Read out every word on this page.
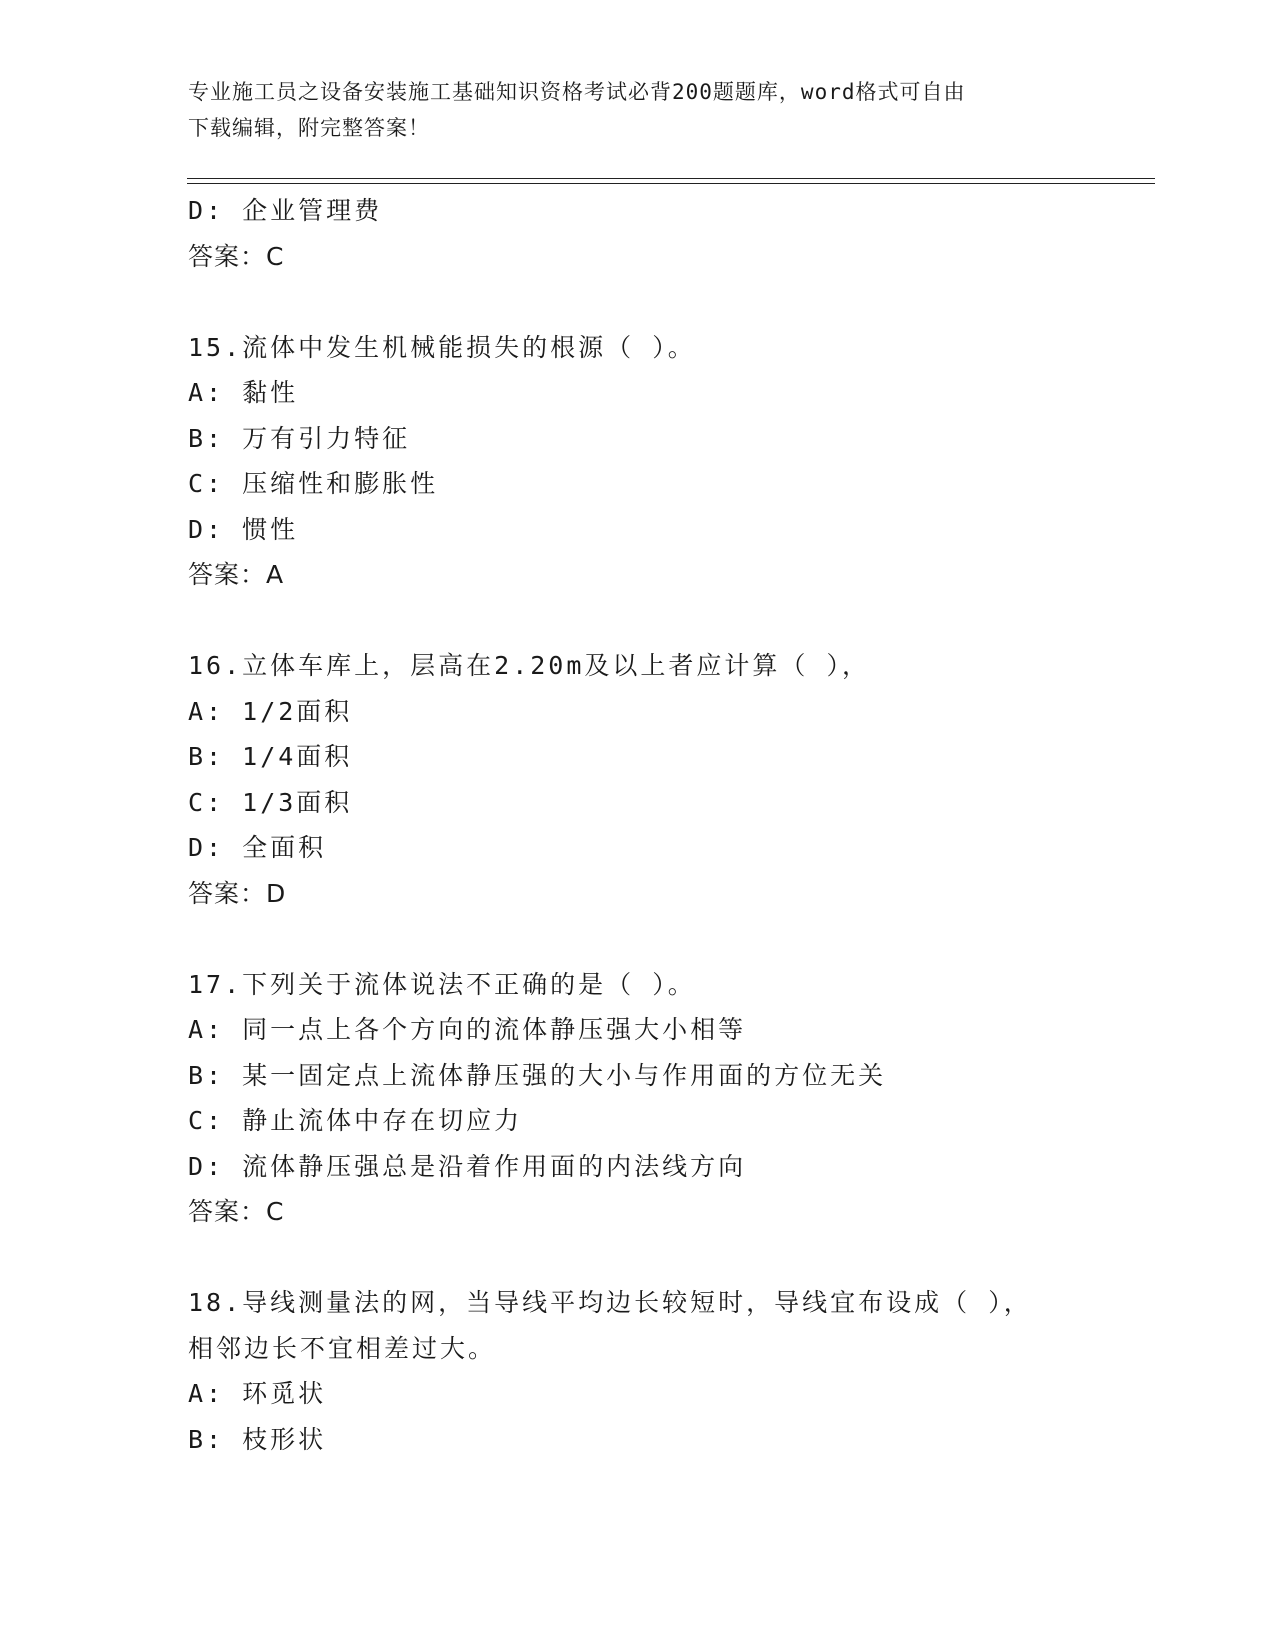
专业施工员之设备安装施工基础知识资格考试必背200题题库，word格式可自由
下载编辑，附完整答案！
D: 企业管理费
答案：C
15.流体中发生机械能损失的根源（ ）。
A: 黏性
B: 万有引力特征
C: 压缩性和膨胀性
D: 惯性
答案：A
16.立体车库上，层高在2.20m及以上者应计算（ ），
A: 1/2面积
B: 1/4面积
C: 1/3面积
D: 全面积
答案：D
17.下列关于流体说法不正确的是（ ）。
A: 同一点上各个方向的流体静压强大小相等
B: 某一固定点上流体静压强的大小与作用面的方位无关
C: 静止流体中存在切应力
D: 流体静压强总是沿着作用面的内法线方向
答案：C
18.导线测量法的网，当导线平均边长较短时，导线宜布设成（ ），
相邻边长不宜相差过大。
A: 环觅状
B: 枝形状
